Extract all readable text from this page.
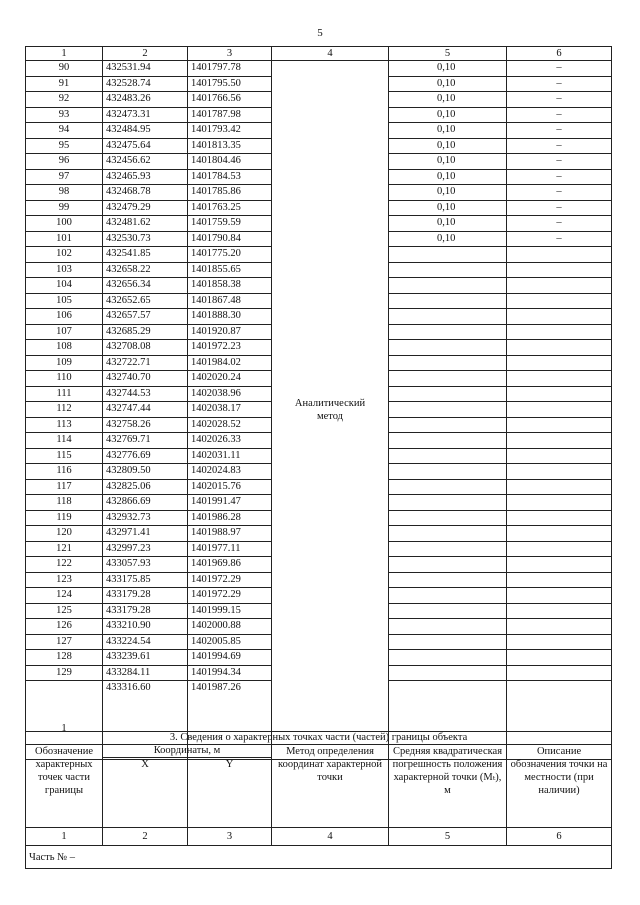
5
1	2	3	4	5	6
90	432531.94	1401797.78	Аналитический метод	0,10	–
91	432528.74	1401795.50		0,10	–
92	432483.26	1401766.56		0,10	–
93	432473.31	1401787.98		0,10	–
94	432484.95	1401793.42		0,10	–
95	432475.64	1401813.35		0,10	–
96	432456.62	1401804.46		0,10	–
97	432465.93	1401784.53		0,10	–
98	432468.78	1401785.86		0,10	–
99	432479.29	1401763.25		0,10	–
100	432481.62	1401759.59		0,10	–
101	432530.73	1401790.84		0,10	–
102	432541.85	1401775.20			
103	432658.22	1401855.65			
104	432656.34	1401858.38			
105	432652.65	1401867.48			
106	432657.57	1401888.30			
107	432685.29	1401920.87			
108	432708.08	1401972.23			
109	432722.71	1401984.02			
110	432740.70	1402020.24			
111	432744.53	1402038.96			
112	432747.44	1402038.17			
113	432758.26	1402028.52			
114	432769.71	1402026.33			
115	432776.69	1402031.11			
116	432809.50	1402024.83			
117	432825.06	1402015.76			
118	432866.69	1401991.47			
119	432932.73	1401986.28			
120	432971.41	1401988.97			
121	432997.23	1401977.11			
122	433057.93	1401969.86			
123	433175.85	1401972.29			
124	433179.28	1401972.29			
125	433179.28	1401999.15			
126	433210.90	1402000.88			
127	433224.54	1402005.85			
128	433239.61	1401994.69			
129	433284.11	1401994.34			
1	433316.60	1401987.26			
3. Сведения о характерных точках части (частей) границы объекта					
Обозначение характерных точек части границы	Координаты, м		Метод определения координат характерной точки	Средняя квадратическая погрешность положения характерной точки (Мₜ), м	Описание обозначения точки на местности (при наличии)
	X	Y			
1	2	3	4	5	6
Часть № –					
